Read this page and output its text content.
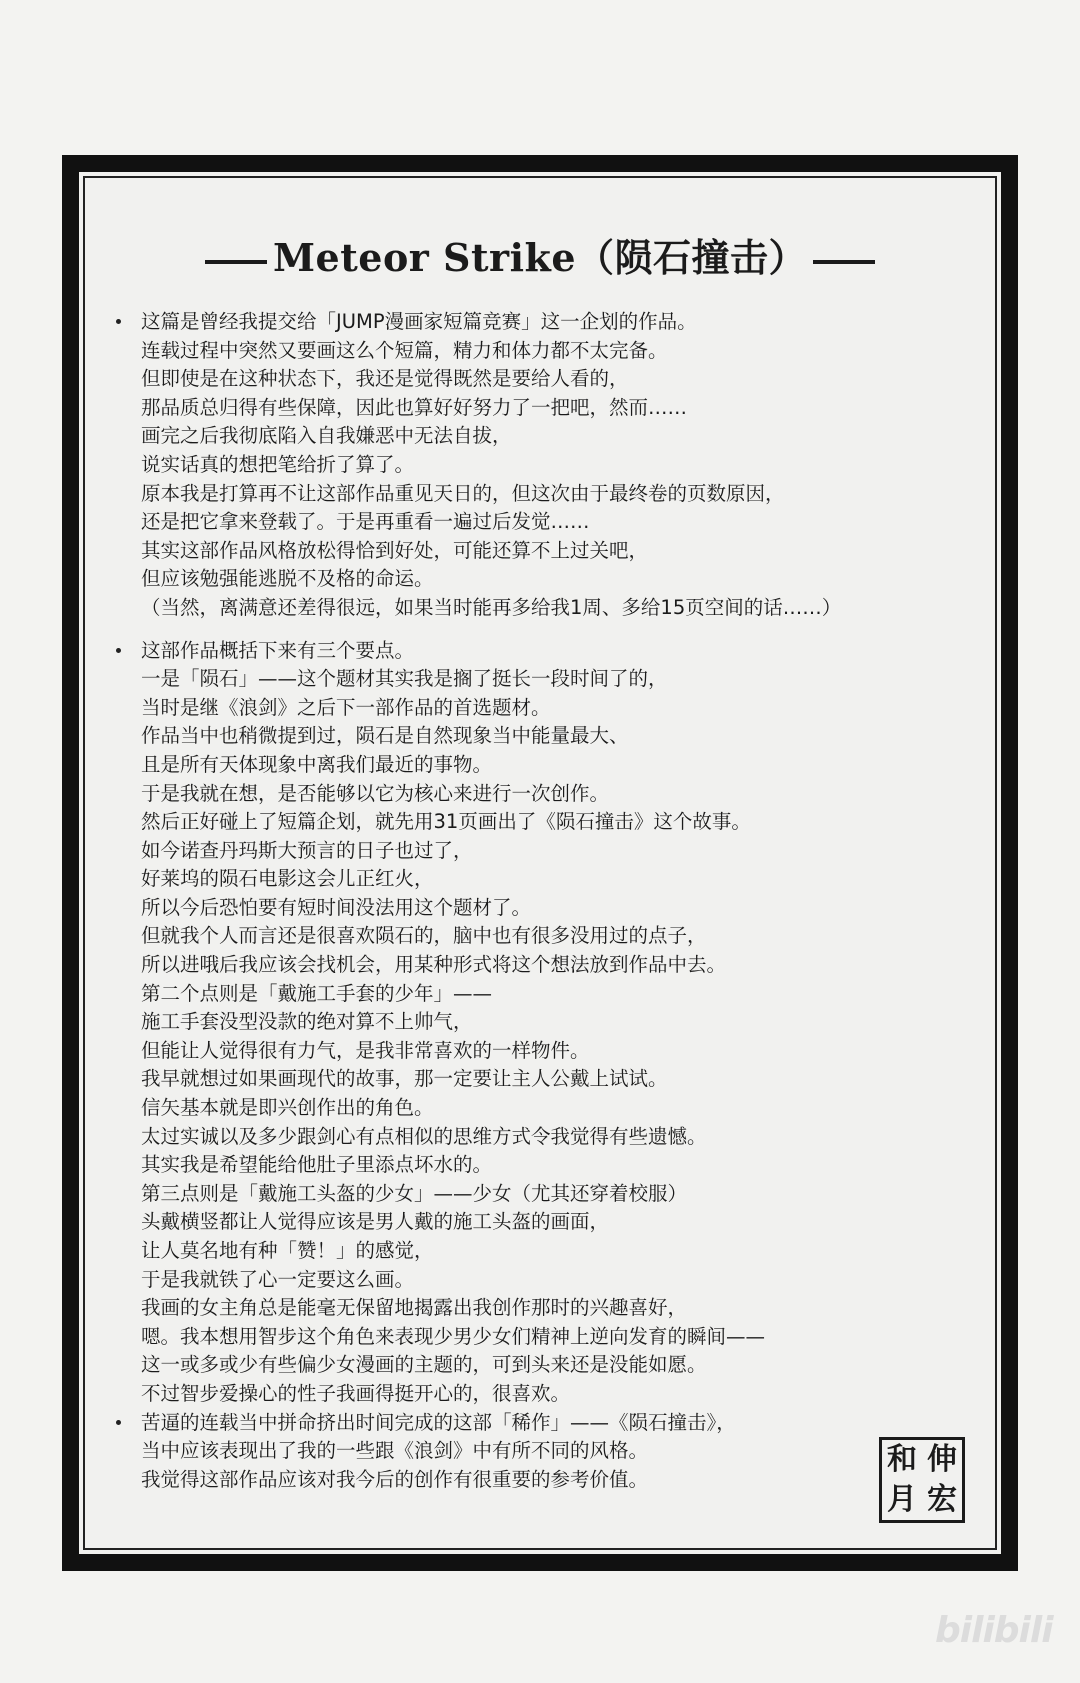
Meteor Strike（陨石撞击）
这篇是曾经我提交给「JUMP漫画家短篇竞赛」这一企划的作品。
连载过程中突然又要画这么个短篇，精力和体力都不太完备。
但即使是在这种状态下，我还是觉得既然是要给人看的，
那品质总归得有些保障，因此也算好好努力了一把吧，然而……
画完之后我彻底陷入自我嫌恶中无法自拔，
说实话真的想把笔给折了算了。
原本我是打算再不让这部作品重见天日的，但这次由于最终卷的页数原因，
还是把它拿来登载了。于是再重看一遍过后发觉……
其实这部作品风格放松得恰到好处，可能还算不上过关吧，
但应该勉强能逃脱不及格的命运。
（当然，离满意还差得很远，如果当时能再多给我1周、多给15页空间的话……）
这部作品概括下来有三个要点。
一是「陨石」——这个题材其实我是搁了挺长一段时间了的，
当时是继《浪剑》之后下一部作品的首选题材。
作品当中也稍微提到过，陨石是自然现象当中能量最大、
且是所有天体现象中离我们最近的事物。
于是我就在想，是否能够以它为核心来进行一次创作。
然后正好碰上了短篇企划，就先用31页画出了《陨石撞击》这个故事。
如今诺查丹玛斯大预言的日子也过了，
好莱坞的陨石电影这会儿正红火，
所以今后恐怕要有短时间没法用这个题材了。
但就我个人而言还是很喜欢陨石的，脑中也有很多没用过的点子，
所以进哦后我应该会找机会，用某种形式将这个想法放到作品中去。
第二个点则是「戴施工手套的少年」——
施工手套没型没款的绝对算不上帅气，
但能让人觉得很有力气，是我非常喜欢的一样物件。
我早就想过如果画现代的故事，那一定要让主人公戴上试试。
信矢基本就是即兴创作出的角色。
太过实诚以及多少跟剑心有点相似的思维方式令我觉得有些遗憾。
其实我是希望能给他肚子里添点坏水的。
第三点则是「戴施工头盔的少女」——少女（尤其还穿着校服）
头戴横竖都让人觉得应该是男人戴的施工头盔的画面，
让人莫名地有种「赞！」的感觉，
于是我就铁了心一定要这么画。
我画的女主角总是能毫无保留地揭露出我创作那时的兴趣喜好，
嗯。我本想用智步这个角色来表现少男少女们精神上逆向发育的瞬间——
这一或多或少有些偏少女漫画的主题的，可到头来还是没能如愿。
不过智步爱操心的性子我画得挺开心的，很喜欢。
苦逼的连载当中拼命挤出时间完成的这部「稀作」——《陨石撞击》，
当中应该表现出了我的一些跟《浪剑》中有所不同的风格。
我觉得这部作品应该对我今后的创作有很重要的参考价值。
和 伸
月 宏
bilibili
